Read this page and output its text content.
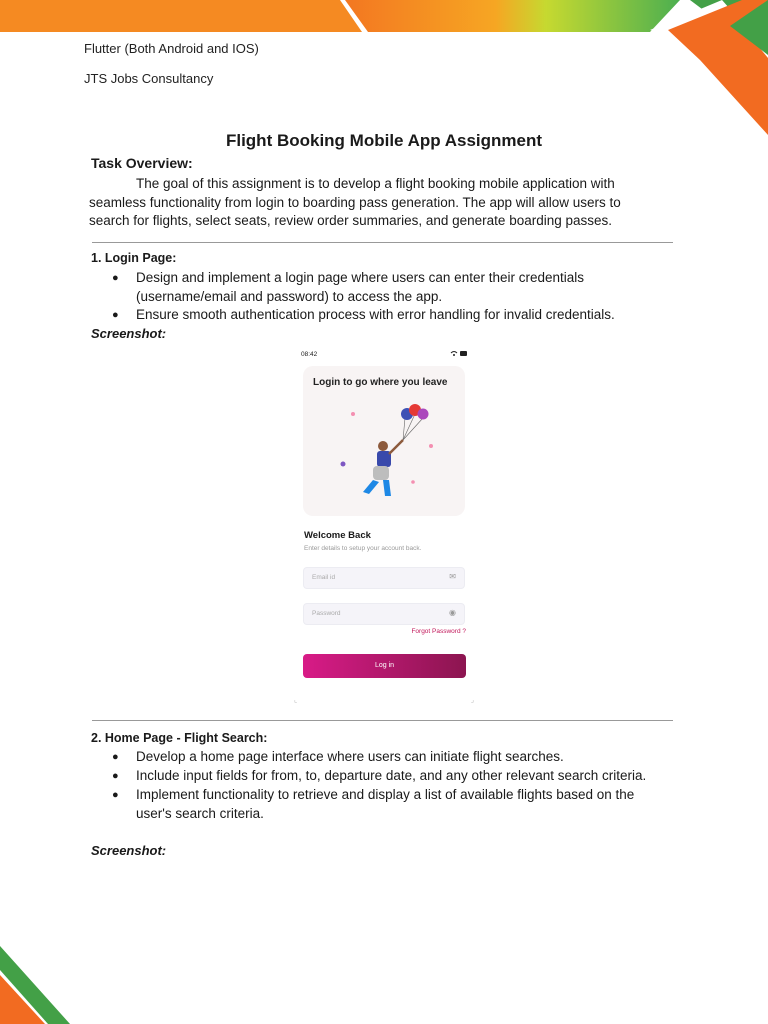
Flutter (Both Android and IOS)
JTS Jobs Consultancy
Flight Booking Mobile App Assignment
Task Overview:
The goal of this assignment is to develop a flight booking mobile application with seamless functionality from login to boarding pass generation. The app will allow users to search for flights, select seats, review order summaries, and generate boarding passes.
1. Login Page:
● Design and implement a login page where users can enter their credentials (username/email and password) to access the app.
● Ensure smooth authentication process with error handling for invalid credentials.
Screenshot:
08:42
Login to go where you leave
Welcome Back
Enter details to setup your account back.
Email id	✉
Password	◉
Forgot Password ?
Log in
⌞	⌟
2. Home Page - Flight Search:
● Develop a home page interface where users can initiate flight searches.
● Include input fields for from, to, departure date, and any other relevant search criteria.
● Implement functionality to retrieve and display a list of available flights based on the user's search criteria.
Screenshot:
